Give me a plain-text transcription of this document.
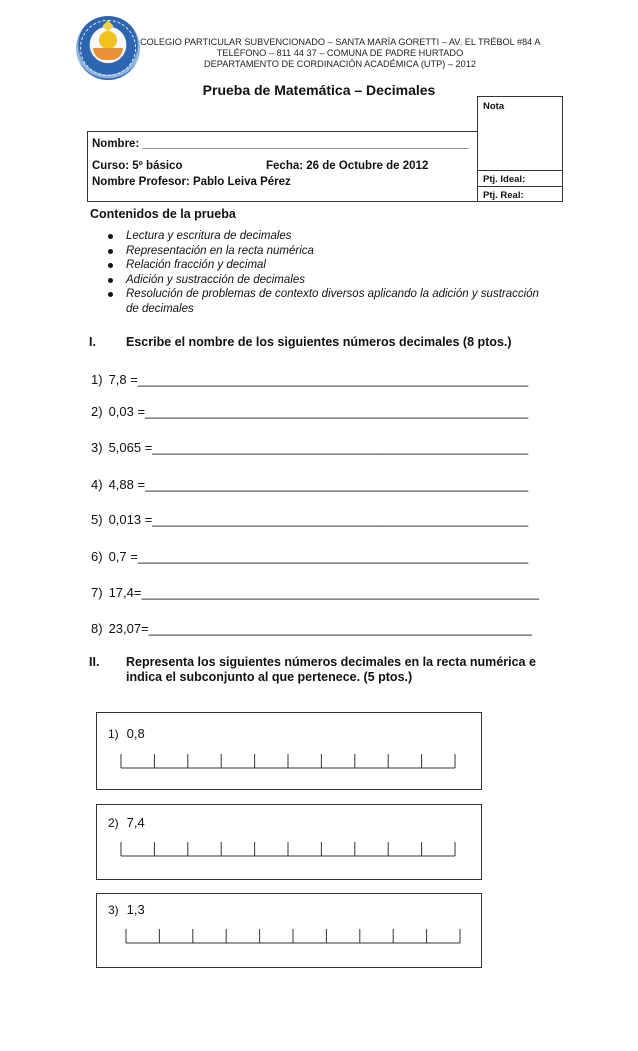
COLEGIO PARTICULAR SUBVENCIONADO – SANTA MARÍA GORETTI – AV. EL TRÉBOL #84 A
TELÉFONO – 811 44 37 – COMUNA DE PADRE HURTADO
DEPARTAMENTO DE CORDINACIÓN ACADÉMICA (UTP) – 2012
Prueba de Matemática – Decimales
Nota
Ptj. Ideal:
Ptj. Real:
Nombre: ___________________________________________________
Curso: 5º básico	Fecha: 26 de Octubre de 2012
Nombre Profesor: Pablo Leiva Pérez
Contenidos de la prueba
Lectura y escritura de decimales
Representación en la recta numérica
Relación fracción y decimal
Adición y sustracción de decimales
Resolución de problemas de contexto diversos aplicando la adición y sustracción de decimales
I. Escribe el nombre de los siguientes números decimales (8 ptos.)
1) 7,8 =______________________________________________________
2) 0,03 =_____________________________________________________
3) 5,065 =____________________________________________________
4) 4,88 =_____________________________________________________
5) 0,013 =____________________________________________________
6) 0,7 =______________________________________________________
7) 17,4=_______________________________________________________
8) 23,07=_____________________________________________________
II. Representa los siguientes números decimales en la recta numérica e
indica el subconjunto al que pertenece. (5 ptos.)
1) 0,8
2) 7,4
3) 1,3
